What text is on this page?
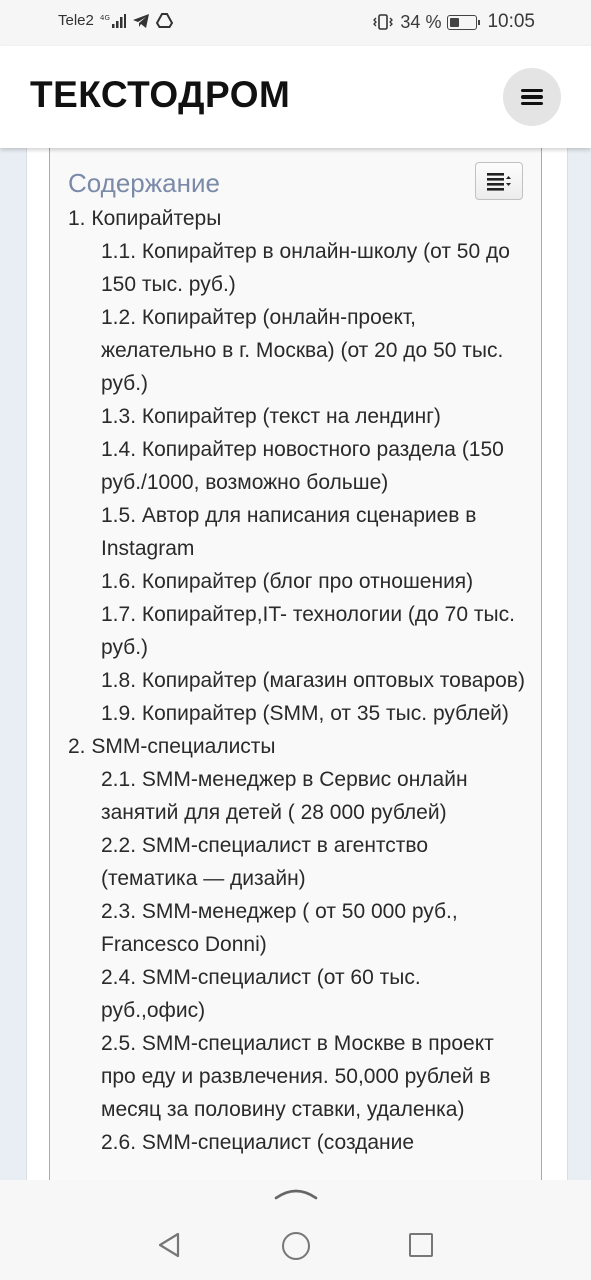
Tele2 4G	34 % 10:05
ТЕКСТОДРОМ
Содержание
1. Копирайтеры
1.1. Копирайтер в онлайн-школу (от 50 до 150 тыс. руб.)
1.2. Копирайтер (онлайн-проект, желательно в г. Москва) (от 20 до 50 тыс. руб.)
1.3. Копирайтер (текст на лендинг)
1.4. Копирайтер новостного раздела (150 руб./1000, возможно больше)
1.5. Автор для написания сценариев в Instagram
1.6. Копирайтер (блог про отношения)
1.7. Копирайтер,IT- технологии (до 70 тыс. руб.)
1.8. Копирайтер (магазин оптовых товаров)
1.9. Копирайтер (SMM, от 35 тыс. рублей)
2. SMM-специалисты
2.1. SMM-менеджер в Сервис онлайн занятий для детей ( 28 000 рублей)
2.2. SMM-специалист в агентство (тематика — дизайн)
2.3. SMM-менеджер ( от 50 000 руб., Francesco Donni)
2.4. SMM-специалист (от 60 тыс. руб.,офис)
2.5. SMM-специалист в Москве в проект про еду и развлечения. 50,000 рублей в месяц за половину ставки, удаленка)
2.6. SMM-специалист (создание
